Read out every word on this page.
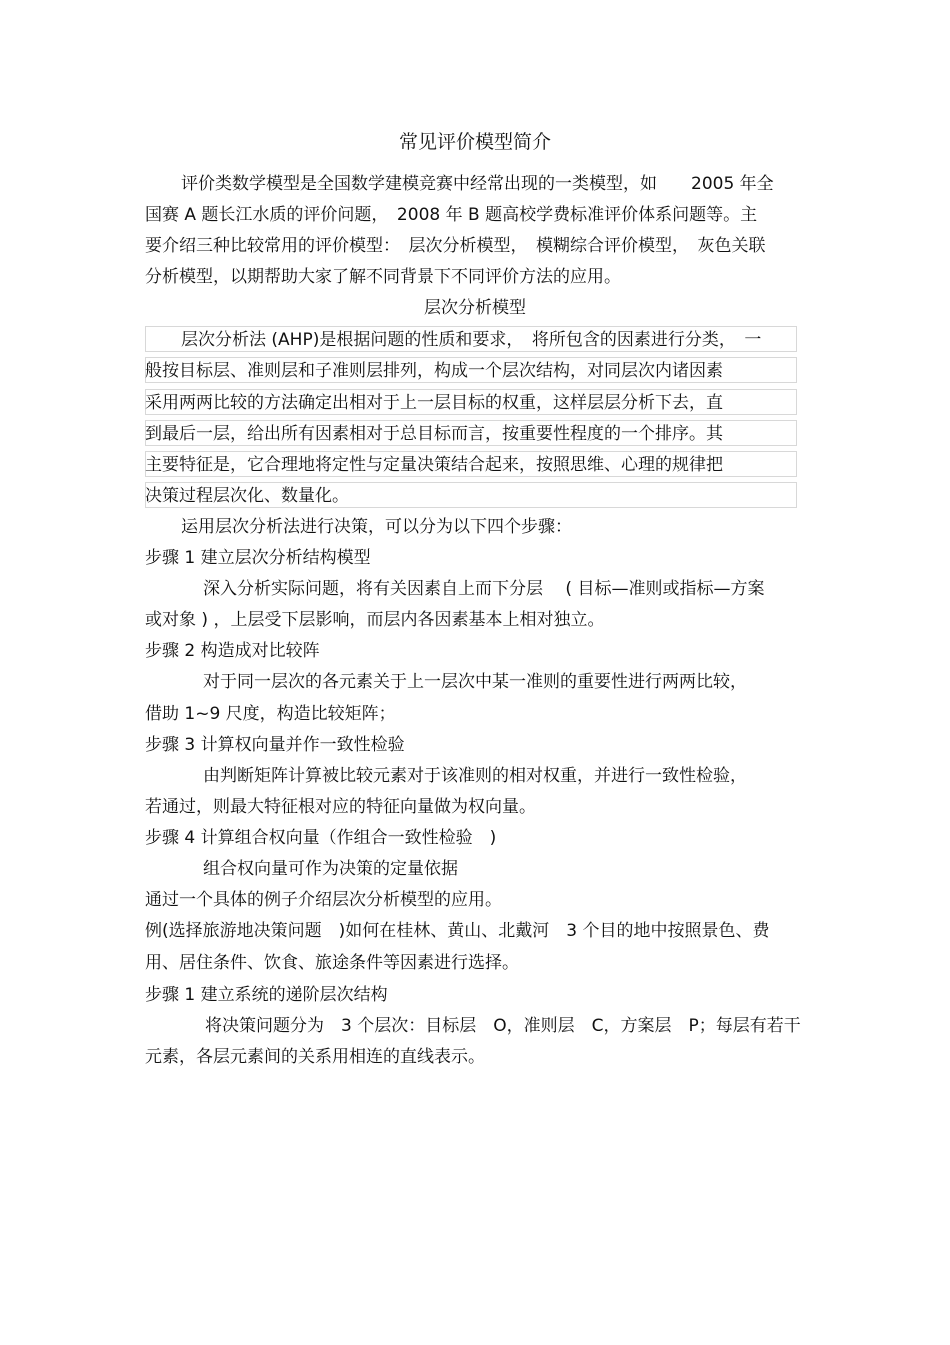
常见评价模型简介
评价类数学模型是全国数学建模竞赛中经常出现的一类模型，如　　2005 年全
国赛 A 题长江水质的评价问题，　2008 年 B 题高校学费标准评价体系问题等。主
要介绍三种比较常用的评价模型：　层次分析模型，　模糊综合评价模型，　灰色关联
分析模型，以期帮助大家了解不同背景下不同评价方法的应用。
层次分析模型
层次分析法 (AHP)是根据问题的性质和要求，　将所包含的因素进行分类，　一
般按目标层、准则层和子准则层排列，构成一个层次结构，对同层次内诸因素
采用两两比较的方法确定出相对于上一层目标的权重，这样层层分析下去，直
到最后一层，给出所有因素相对于总目标而言，按重要性程度的一个排序。其
主要特征是，它合理地将定性与定量决策结合起来，按照思维、心理的规律把
决策过程层次化、数量化。
运用层次分析法进行决策，可以分为以下四个步骤：
步骤 1 建立层次分析结构模型
深入分析实际问题，将有关因素自上而下分层　 ( 目标—准则或指标—方案
或对象 ) ，上层受下层影响，而层内各因素基本上相对独立。
步骤 2 构造成对比较阵
对于同一层次的各元素关于上一层次中某一准则的重要性进行两两比较，
借助 1~9 尺度，构造比较矩阵；
步骤 3 计算权向量并作一致性检验
由判断矩阵计算被比较元素对于该准则的相对权重，并进行一致性检验，
若通过，则最大特征根对应的特征向量做为权向量。
步骤 4 计算组合权向量（作组合一致性检验　)
组合权向量可作为决策的定量依据
通过一个具体的例子介绍层次分析模型的应用。
例(选择旅游地决策问题　)如何在桂林、黄山、北戴河　3 个目的地中按照景色、费
用、居住条件、饮食、旅途条件等因素进行选择。
步骤 1 建立系统的递阶层次结构
将决策问题分为　3 个层次：目标层　O，准则层　C，方案层　P；每层有若干
元素，各层元素间的关系用相连的直线表示。
